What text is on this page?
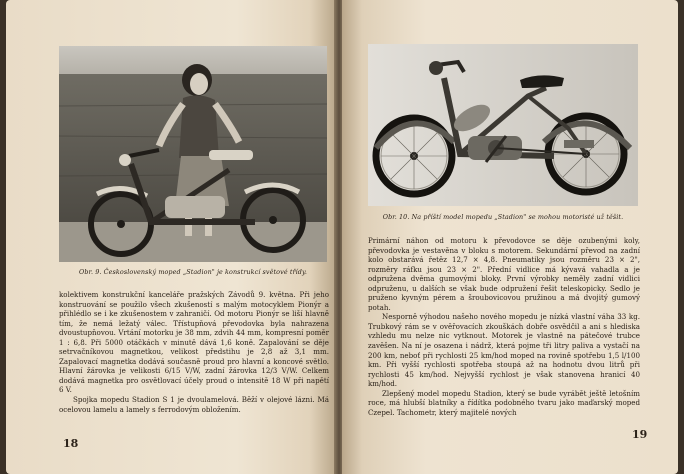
Obr. 9. Československý moped „Stadion" je konstrukcí světové třídy.

kolektivem konstrukční kanceláře pražských Závodů 9. května. Při jeho konstruování se použilo všech zkušeností s malým motocyklem Pionýr a přihlédlo se i ke zkušenostem v zahraničí. Od motoru Pionýr se liší hlavně tím, že nemá ležatý válec. Třístupňová převodovka byla nahrazena dvoustupňovou. Vrtání motorku je 38 mm, zdvih 44 mm, kompresní poměr 1 : 6,8. Při 5000 otáčkách v minutě dává 1,6 koně. Zapalování se děje setrvačníkovou magnetkou, velikost předstihu je 2,8 až 3,1 mm. Zapalovací magnetka dodává současně proud pro hlavní a koncové světlo. Hlavní žárovka je velikosti 6/15 V/W, zadní žárovka 12/3 V/W. Celkem dodává magnetka pro osvětlovací účely proud o intensitě 18 W při napětí 6 V.

Spojka mopedu Stadion S 1 je dvoulamelová. Běží v olejové lázni. Má ocelovou lamelu a lamely s ferrodovým obložením.

18
Obr. 10. Na příští model mopedu „Stadion" se mohou motoristé už těšit.

Primární náhon od motoru k převodovce se děje ozubenými koly, převodovka je vestavěna v bloku s motorem. Sekundární převod na zadní kolo obstarává řetěz 12,7 × 4,8. Pneumatiky jsou rozměru 23 × 2", rozměry ráfku jsou 23 × 2". Přední vidlice má kývavá vahadla a je odpružena dvěma gumovými bloky. První výrobky neměly zadní vidlici odpruženu, u dalších se však bude odpružení řešit teleskopicky. Sedlo je pruženo kyvným pérem a šroubovicovou pružinou a má dvojitý gumový potah.

Nesporně výhodou našeho nového mopedu je nízká vlastní váha 33 kg. Trubkový rám se v ověřovacích zkouškách dobře osvědčil a ani s hlediska vzhledu mu nelze nic vytknout. Motorek je vlastně na pátečové trubce zavěšen. Na ní je osazena i nádrž, která pojme tři litry paliva a vystačí na 200 km, neboť při rychlosti 25 km/hod moped na rovině spotřebu 1,5 l/100 km. Při vyšší rychlosti spotřeba stoupá až na hodnotu dvou litrů při rychlosti 45 km/hod. Nejvyšší rychlost je však stanovena hranicí 40 km/hod.

Zlepšený model mopedu Stadion, který se bude vyrábět ještě letošním roce, má hlubší blatníky a řídítka podobného tvaru jako maďarský moped Czepel. Tachometr, který majitelé nových

19
